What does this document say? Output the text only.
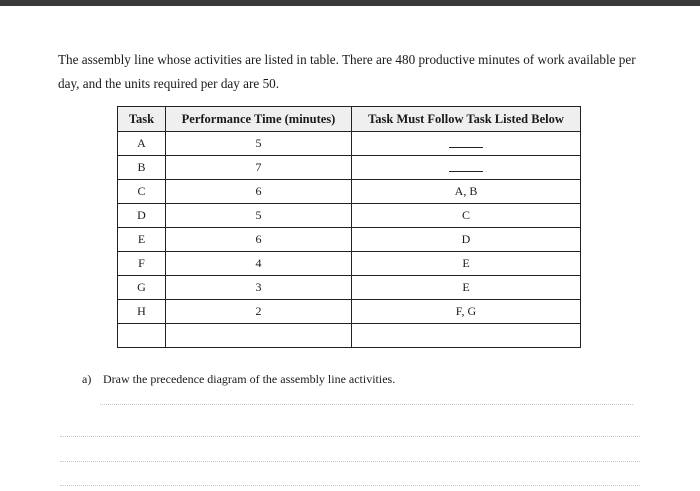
The assembly line whose activities are listed in table. There are 480 productive minutes of work available per day, and the units required per day are 50.

Task	Performance Time (minutes)	Task Must Follow Task Listed Below
A	5	
B	7	
C	6	A, B
D	5	C
E	6	D
F	4	E
G	3	E
H	2	F, G

a) Draw the precedence diagram of the assembly line activities.
